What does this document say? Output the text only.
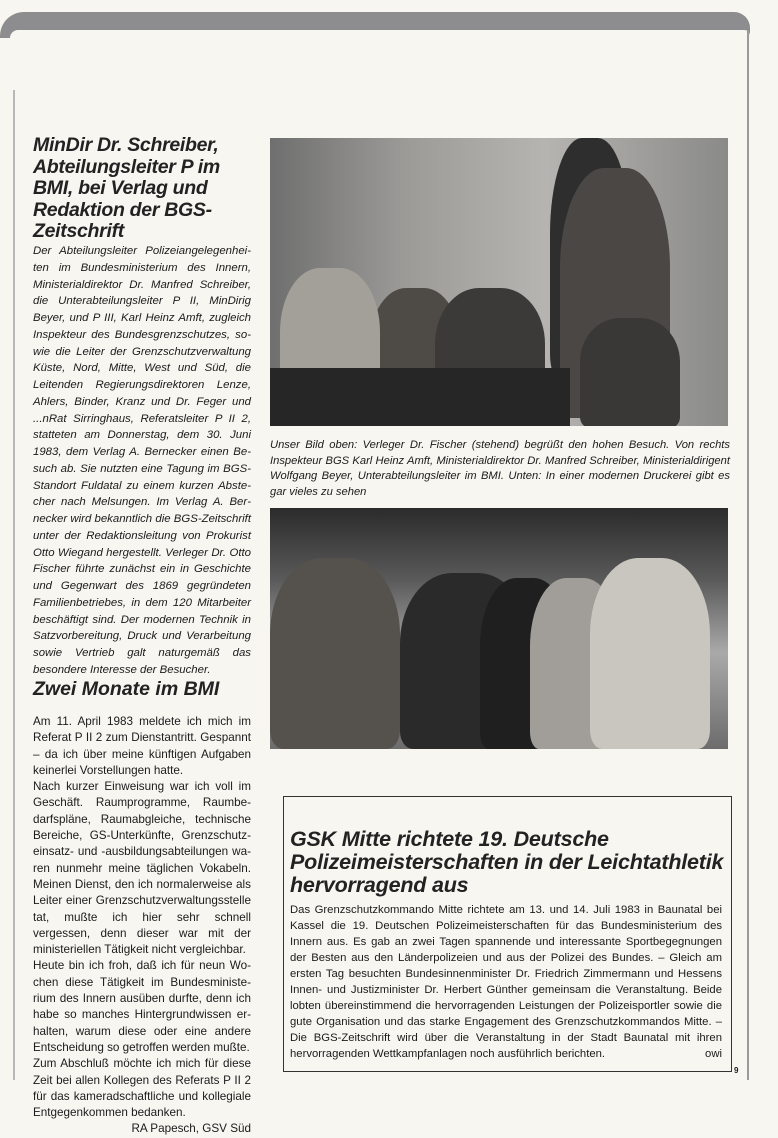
MinDir Dr. Schreiber, Abteilungsleiter P im BMI, bei Verlag und Redaktion der BGS-Zeitschrift

Der Abteilungsleiter Polizeiangelegenheiten im Bundesministerium des Innern, Ministerialdirektor Dr. Manfred Schreiber, die Unterabteilungsleiter P II, MinDirig Beyer, und P III, Karl Heinz Amft, zugleich Inspekteur des Bundesgrenzschutzes, sowie die Leiter der Grenzschutzverwaltung Küste, Nord, Mitte, West und Süd, die Leitenden Regierungsdirektoren Lenze, Ahlers, Binder, Kranz und Dr. Feger und ...nRat Sirringhaus, Referatsleiter P II 2, statteten am Donnerstag, dem 30. Juni 1983, dem Verlag A. Bernecker einen Besuch ab. Sie nutzten eine Tagung im BGS-Standort Fuldatal zu einem kurzen Abstecher nach Melsungen. Im Verlag A. Bernecker wird bekanntlich die BGS-Zeitschrift unter der Redaktionsleitung von Prokurist Otto Wiegand hergestellt. Verleger Dr. Otto Fischer führte zunächst ein in Geschichte und Gegenwart des 1869 gegründeten Familienbetriebes, in dem 120 Mitarbeiter beschäftigt sind. Der modernen Technik in Satzvorbereitung, Druck und Verarbeitung sowie Vertrieb galt naturgemäß das besondere Interesse der Besucher.

Unser Bild oben: Verleger Dr. Fischer (stehend) begrüßt den hohen Besuch. Von rechts Inspekteur BGS Karl Heinz Amft, Ministerialdirektor Dr. Manfred Schreiber, Ministerialdirigent Wolfgang Beyer, Unterabteilungsleiter im BMI. Unten: In einer modernen Druckerei gibt es gar vieles zu sehen

GSK Mitte richtete 19. Deutsche Polizeimeisterschaften in der Leichtathletik hervorragend aus

Das Grenzschutzkommando Mitte richtete am 13. und 14. Juli 1983 in Baunatal bei Kassel die 19. Deutschen Polizeimeisterschaften für das Bundesministerium des Innern aus. Es gab an zwei Tagen spannende und interessante Sportbegegnungen der Besten aus den Länderpolizeien und aus der Polizei des Bundes. – Gleich am ersten Tag besuchten Bundesinnenminister Dr. Friedrich Zimmermann und Hessens Innen- und Justizminister Dr. Herbert Günther gemeinsam die Veranstaltung. Beide lobten übereinstimmend die hervorragenden Leistungen der Polizeisportler sowie die gute Organisation und das starke Engagement des Grenzschutzkommandos Mitte. – Die BGS-Zeitschrift wird über die Veranstaltung in der Stadt Baunatal mit ihren hervorragenden Wettkampfanlagen noch ausführlich berichten.	owi

Zwei Monate im BMI
Am 11. April 1983 meldete ich mich im Referat P II 2 zum Dienstantritt. Gespannt – da ich über meine künftigen Aufgaben keinerlei Vorstellungen hatte.
Nach kurzer Einweisung war ich voll im Geschäft. Raumprogramme, Raumbedarfspläne, Raumabgleiche, technische Bereiche, GS-Unterkünfte, Grenzschutzeinsatz- und -ausbildungsabteilungen waren nunmehr meine täglichen Vokabeln. Meinen Dienst, den ich normalerweise als Leiter einer Grenzschutzverwaltungsstelle tat, mußte ich hier sehr schnell vergessen, denn dieser war mit der ministeriellen Tätigkeit nicht vergleichbar.
Heute bin ich froh, daß ich für neun Wochen diese Tätigkeit im Bundesministerium des Innern ausüben durfte, denn ich habe so manches Hintergrundwissen erhalten, warum diese oder eine andere Entscheidung so getroffen werden mußte.
Zum Abschluß möchte ich mich für diese Zeit bei allen Kollegen des Referats P II 2 für das kameradschaftliche und kollegiale Entgegenkommen bedanken.
RA Papesch, GSV Süd
9
